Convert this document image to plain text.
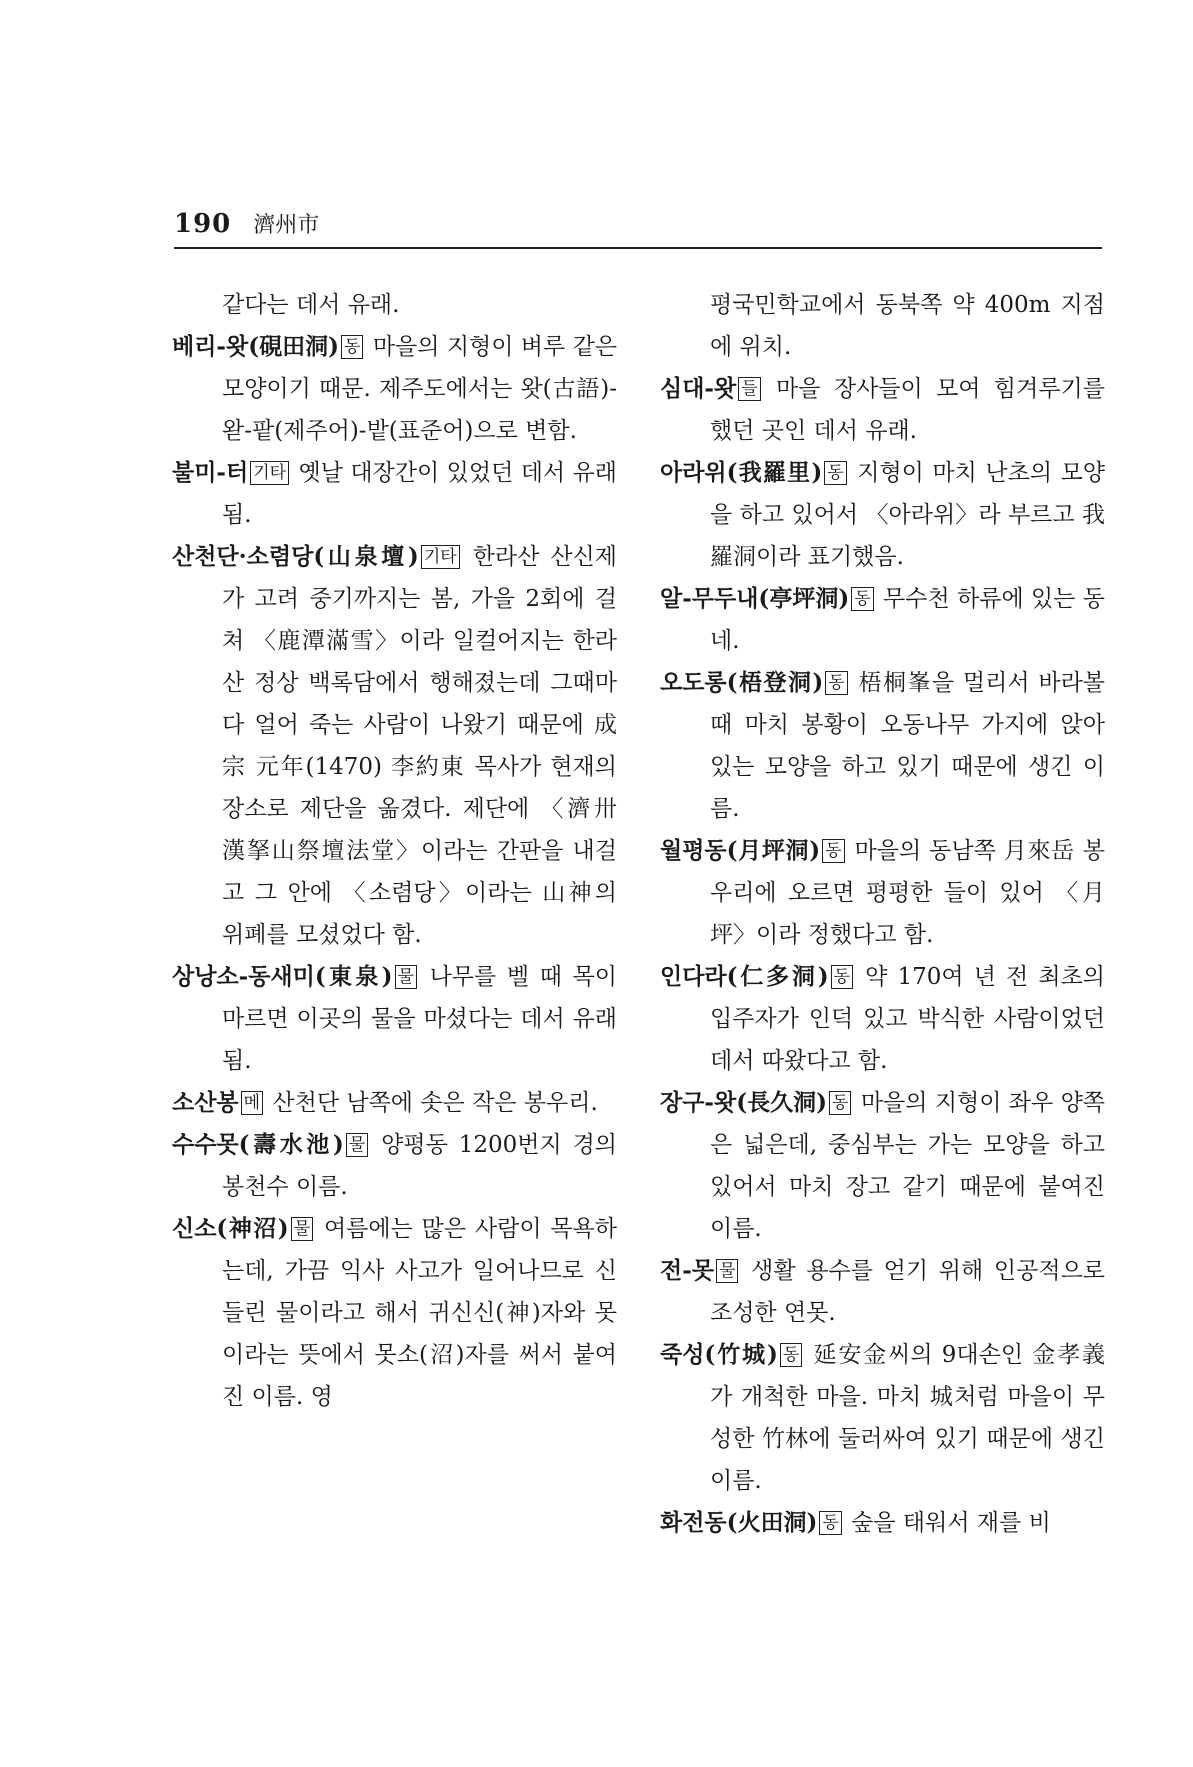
190 濟州市

같다는 데서 유래.

베리-왓(硯田洞) 동 마을의 지형이 벼루 같은 모양이기 때문. 제주도에서는 왓(古語)-왇-팥(제주어)-밭(표준어)으로 변함.

불미-터 기타 옛날 대장간이 있었던 데서 유래됨.

산천단·소렴당(山泉壇) 기타 한라산 산신제가 고려 중기까지는 봄, 가을 2회에 걸쳐 〈鹿潭滿雪〉이라 일컬어지는 한라산 정상 백록담에서 행해졌는데 그때마다 얼어 죽는 사람이 나왔기 때문에 成宗 元年(1470) 李約東 목사가 현재의 장소로 제단을 옮겼다. 제단에 〈濟卅漢拏山祭壇法堂〉이라는 간판을 내걸고 그 안에 〈소렴당〉이라는 山神의 위폐를 모셨었다 함.

상낭소-동새미(東泉) 물 나무를 벨 때 목이 마르면 이곳의 물을 마셨다는 데서 유래됨.

소산봉 메 산천단 남쪽에 솟은 작은 봉우리.

수수못(壽水池) 물 양평동 1200번지 경의 봉천수 이름.

신소(神沼) 물 여름에는 많은 사람이 목욕하는데, 가끔 익사 사고가 일어나므로 신들린 물이라고 해서 귀신신(神)자와 못이라는 뜻에서 못소(沼)자를 써서 붙여진 이름. 영

평국민학교에서 동북쪽 약 400m 지점에 위치.

심대-왓 들 마을 장사들이 모여 힘겨루기를 했던 곳인 데서 유래.

아라위(我羅里) 동 지형이 마치 난초의 모양을 하고 있어서 〈아라위〉라 부르고 我羅洞이라 표기했음.

알-무두내(亭坪洞) 동 무수천 하류에 있는 동네.

오도롱(梧登洞) 동 梧桐峯을 멀리서 바라볼 때 마치 봉황이 오동나무 가지에 앉아 있는 모양을 하고 있기 때문에 생긴 이름.

월평동(月坪洞) 동 마을의 동남쪽 月來岳 봉우리에 오르면 평평한 들이 있어 〈月坪〉이라 정했다고 함.

인다라(仁多洞) 동 약 170여 년 전 최초의 입주자가 인덕 있고 박식한 사람이었던 데서 따왔다고 함.

장구-왓(長久洞) 동 마을의 지형이 좌우 양쪽은 넓은데, 중심부는 가는 모양을 하고 있어서 마치 장고 같기 때문에 붙여진 이름.

전-못 물 생활 용수를 얻기 위해 인공적으로 조성한 연못.

죽성(竹城) 동 延安金씨의 9대손인 金孝義가 개척한 마을. 마치 城처럼 마을이 무성한 竹林에 둘러싸여 있기 때문에 생긴 이름.

화전동(火田洞) 동 숲을 태워서 재를 비
